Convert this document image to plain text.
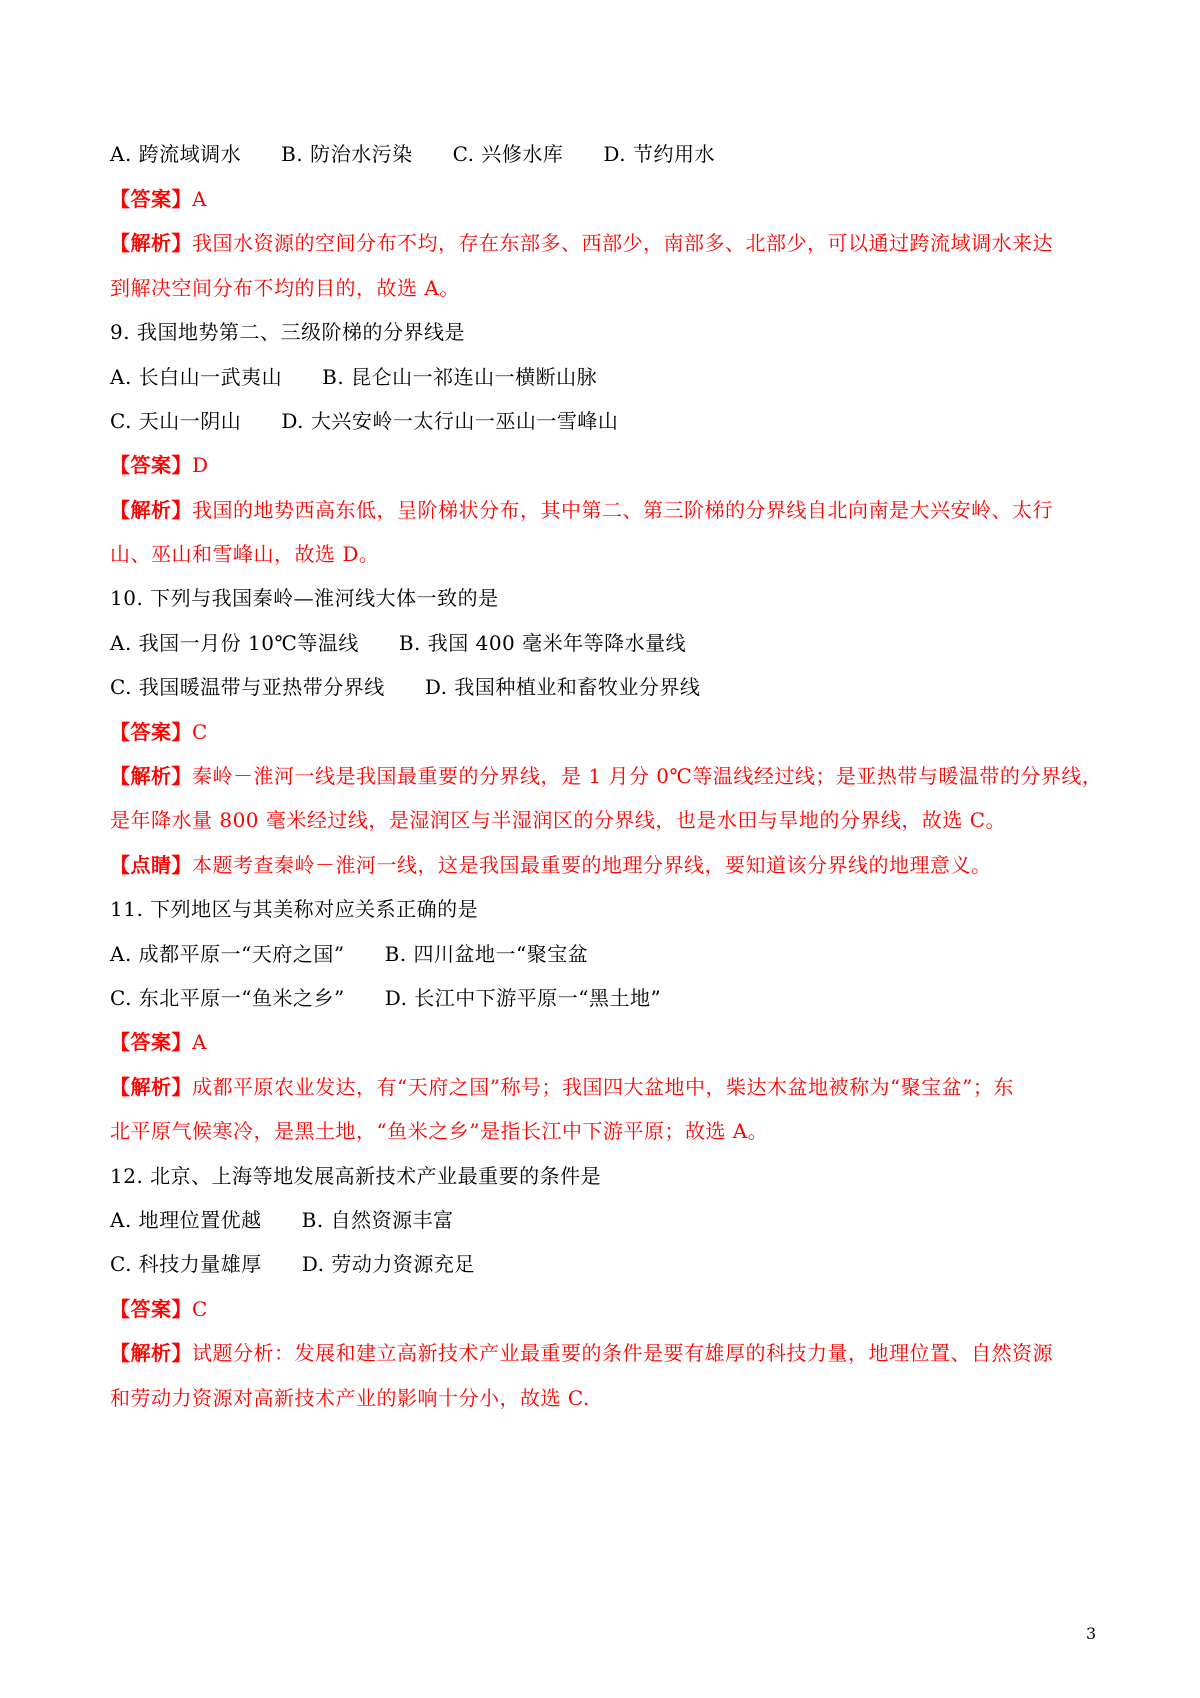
A. 跨流域调水 B. 防治水污染 C. 兴修水库 D. 节约用水
【答案】A
【解析】我国水资源的空间分布不均，存在东部多、西部少，南部多、北部少，可以通过跨流域调水来达
到解决空间分布不均的目的，故选 A。
9. 我国地势第二、三级阶梯的分界线是
A. 长白山一武夷山 B. 昆仑山一祁连山一横断山脉
C. 天山一阴山 D. 大兴安岭一太行山一巫山一雪峰山
【答案】D
【解析】我国的地势西高东低，呈阶梯状分布，其中第二、第三阶梯的分界线自北向南是大兴安岭、太行
山、巫山和雪峰山，故选 D。
10. 下列与我国秦岭—淮河线大体一致的是
A. 我国一月份 10℃等温线 B. 我国 400 毫米年等降水量线
C. 我国暖温带与亚热带分界线 D. 我国种植业和畜牧业分界线
【答案】C
【解析】秦岭－淮河一线是我国最重要的分界线，是 1 月分 0℃等温线经过线；是亚热带与暖温带的分界线，
是年降水量 800 毫米经过线，是湿润区与半湿润区的分界线，也是水田与旱地的分界线，故选 C。
【点睛】本题考查秦岭－淮河一线，这是我国最重要的地理分界线，要知道该分界线的地理意义。
11. 下列地区与其美称对应关系正确的是
A. 成都平原一“天府之国” B. 四川盆地一“聚宝盆
C. 东北平原一“鱼米之乡” D. 长江中下游平原一“黑土地”
【答案】A
【解析】成都平原农业发达，有“天府之国”称号；我国四大盆地中，柴达木盆地被称为“聚宝盆”；东
北平原气候寒冷，是黑土地，“鱼米之乡”是指长江中下游平原；故选 A。
12. 北京、上海等地发展高新技术产业最重要的条件是
A. 地理位置优越 B. 自然资源丰富
C. 科技力量雄厚 D. 劳动力资源充足
【答案】C
【解析】试题分析：发展和建立高新技术产业最重要的条件是要有雄厚的科技力量，地理位置、自然资源
和劳动力资源对高新技术产业的影响十分小，故选 C.
3
